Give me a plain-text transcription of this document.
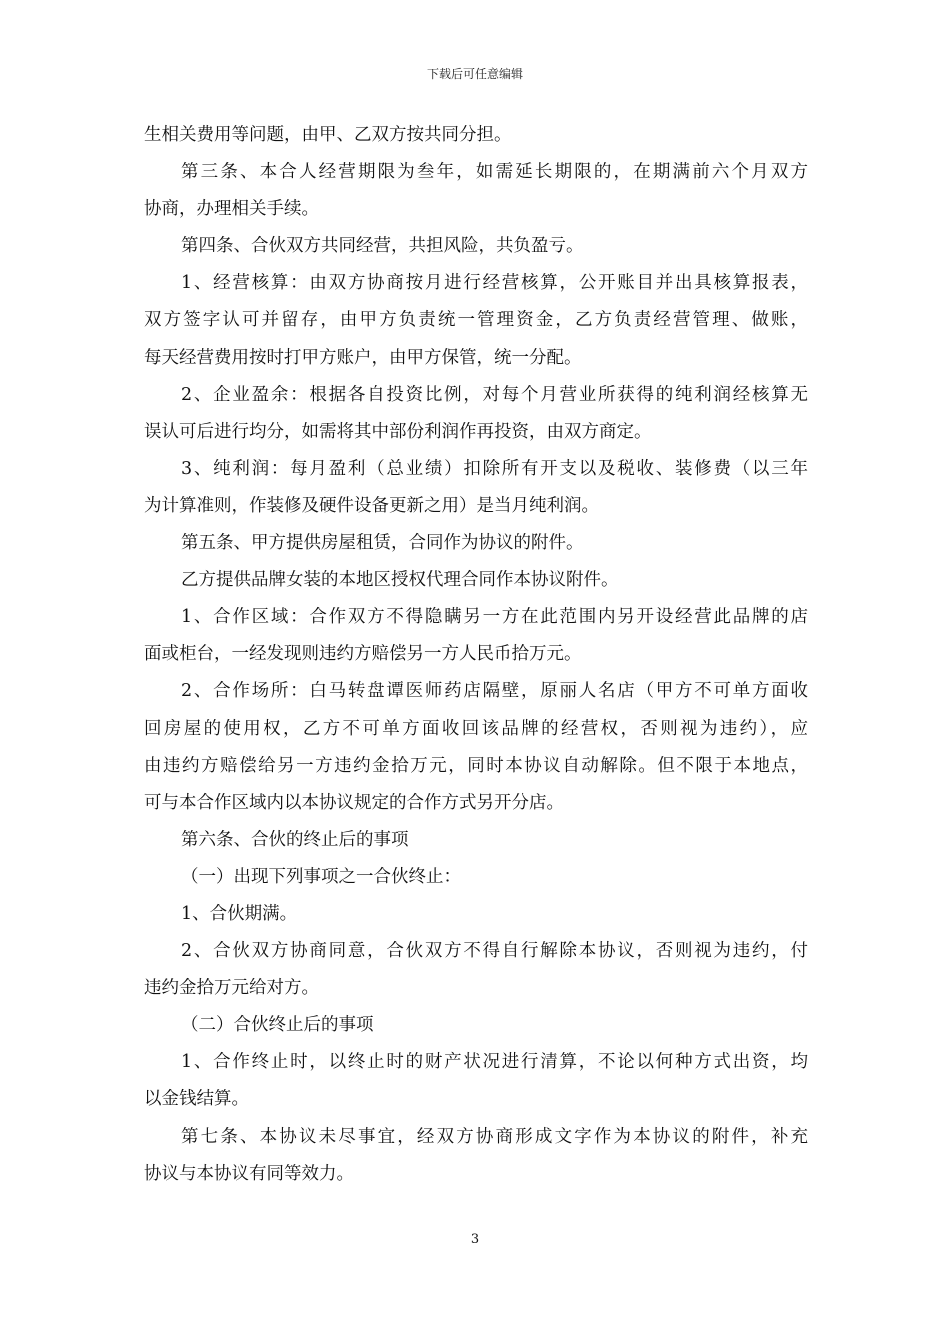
下载后可任意编辑
生相关费用等问题，由甲、乙双方按共同分担。
第三条、本合人经营期限为叁年，如需延长期限的，在期满前六个月双方
协商，办理相关手续。
第四条、合伙双方共同经营，共担风险，共负盈亏。
1、经营核算：由双方协商按月进行经营核算，公开账目并出具核算报表，
双方签字认可并留存，由甲方负责统一管理资金，乙方负责经营管理、做账，
每天经营费用按时打甲方账户，由甲方保管，统一分配。
2、企业盈余：根据各自投资比例，对每个月营业所获得的纯利润经核算无
误认可后进行均分，如需将其中部份利润作再投资，由双方商定。
3、纯利润：每月盈利（总业绩）扣除所有开支以及税收、装修费（以三年
为计算准则，作装修及硬件设备更新之用）是当月纯利润。
第五条、甲方提供房屋租赁，合同作为协议的附件。
乙方提供品牌女装的本地区授权代理合同作本协议附件。
1、合作区域：合作双方不得隐瞒另一方在此范围内另开设经营此品牌的店
面或柜台，一经发现则违约方赔偿另一方人民币拾万元。
2、合作场所：白马转盘谭医师药店隔壁，原丽人名店（甲方不可单方面收
回房屋的使用权，乙方不可单方面收回该品牌的经营权，否则视为违约），应
由违约方赔偿给另一方违约金拾万元，同时本协议自动解除。但不限于本地点，
可与本合作区域内以本协议规定的合作方式另开分店。
第六条、合伙的终止后的事项
（一）出现下列事项之一合伙终止：
1、合伙期满。
2、合伙双方协商同意，合伙双方不得自行解除本协议，否则视为违约，付
违约金拾万元给对方。
（二）合伙终止后的事项
1、合作终止时，以终止时的财产状况进行清算，不论以何种方式出资，均
以金钱结算。
第七条、本协议未尽事宜，经双方协商形成文字作为本协议的附件，补充
协议与本协议有同等效力。
3
